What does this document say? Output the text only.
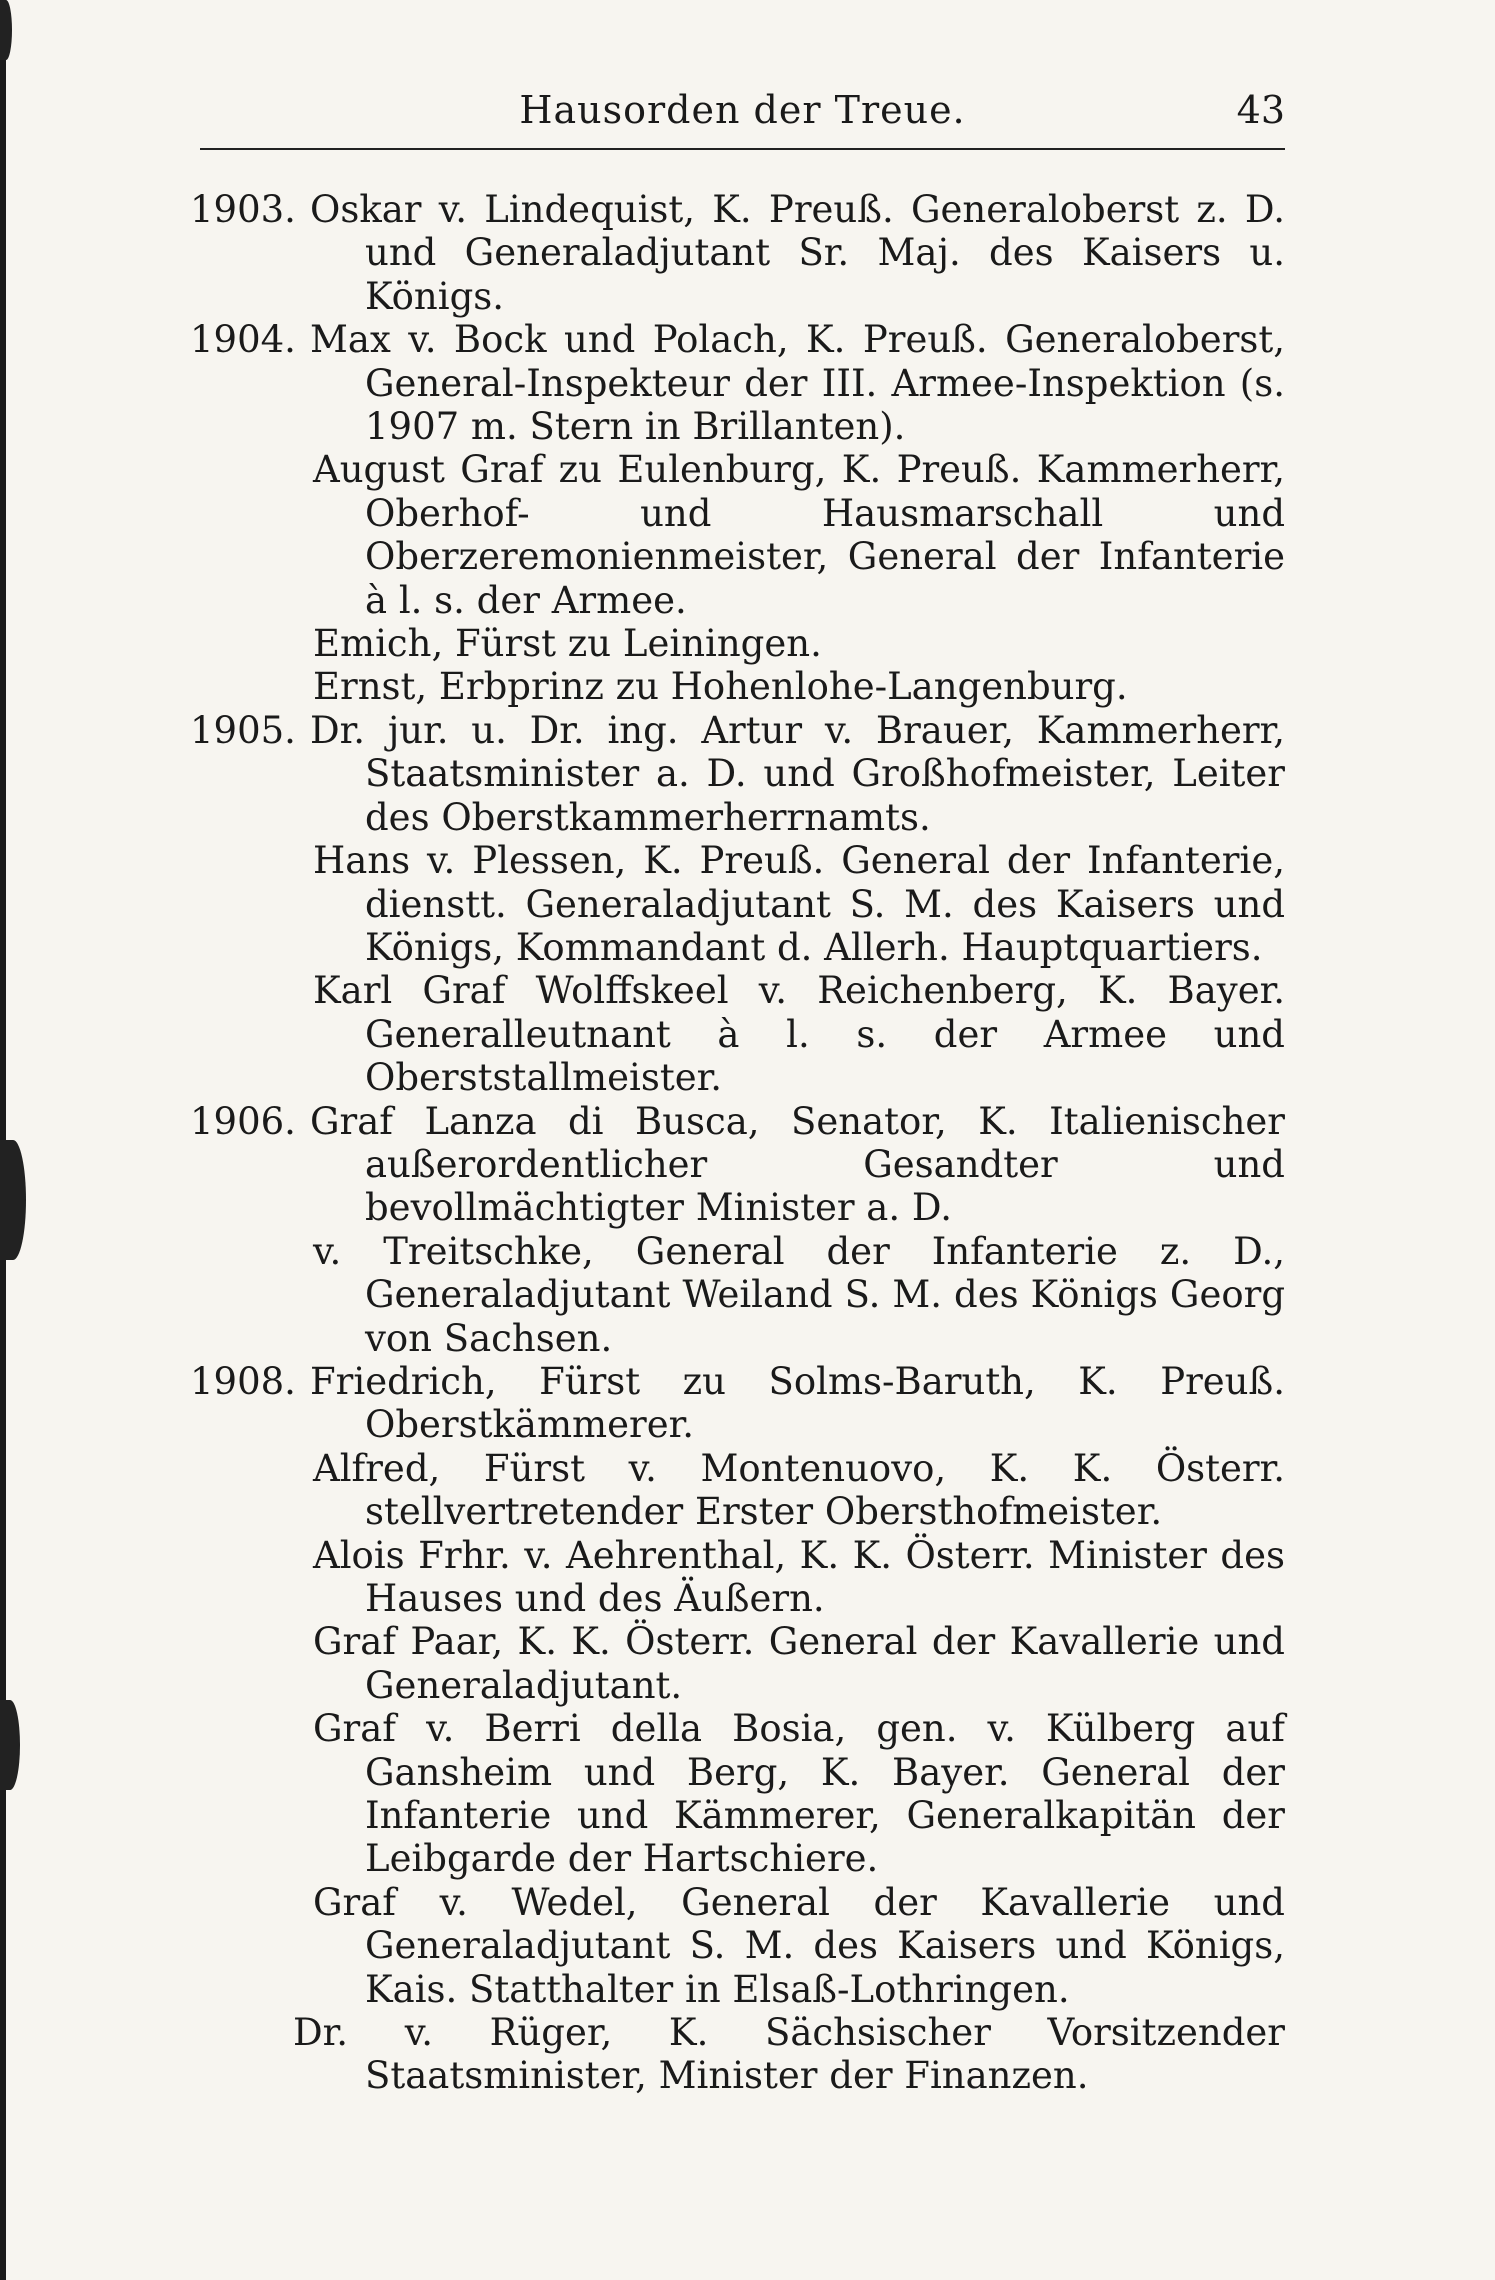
Hausorden der Treue.	43
1903. Oskar v. Lindequist, K. Preuß. Generaloberst z. D. und Generaladjutant Sr. Maj. des Kaisers u. Königs.
1904. Max v. Bock und Polach, K. Preuß. Generaloberst, General-Inspekteur der III. Armee-Inspektion (s. 1907 m. Stern in Brillanten).
August Graf zu Eulenburg, K. Preuß. Kammerherr, Oberhof- und Hausmarschall und Oberzeremonienmeister, General der Infanterie à l. s. der Armee.
Emich, Fürst zu Leiningen.
Ernst, Erbprinz zu Hohenlohe-Langenburg.
1905. Dr. jur. u. Dr. ing. Artur v. Brauer, Kammerherr, Staatsminister a. D. und Großhofmeister, Leiter des Oberstkammerherrnamts.
Hans v. Plessen, K. Preuß. General der Infanterie, dienstt. Generaladjutant S. M. des Kaisers und Königs, Kommandant d. Allerh. Hauptquartiers.
Karl Graf Wolffskeel v. Reichenberg, K. Bayer. Generalleutnant à l. s. der Armee und Oberststallmeister.
1906. Graf Lanza di Busca, Senator, K. Italienischer außerordentlicher Gesandter und bevollmächtigter Minister a. D.
v. Treitschke, General der Infanterie z. D., Generaladjutant Weiland S. M. des Königs Georg von Sachsen.
1908. Friedrich, Fürst zu Solms-Baruth, K. Preuß. Oberstkämmerer.
Alfred, Fürst v. Montenuovo, K. K. Österr. stellvertretender Erster Obersthofmeister.
Alois Frhr. v. Aehrenthal, K. K. Österr. Minister des Hauses und des Äußern.
Graf Paar, K. K. Österr. General der Kavallerie und Generaladjutant.
Graf v. Berri della Bosia, gen. v. Külberg auf Gansheim und Berg, K. Bayer. General der Infanterie und Kämmerer, Generalkapitän der Leibgarde der Hartschiere.
Graf v. Wedel, General der Kavallerie und Generaladjutant S. M. des Kaisers und Königs, Kais. Statthalter in Elsaß-Lothringen.
Dr. v. Rüger, K. Sächsischer Vorsitzender Staatsminister, Minister der Finanzen.
